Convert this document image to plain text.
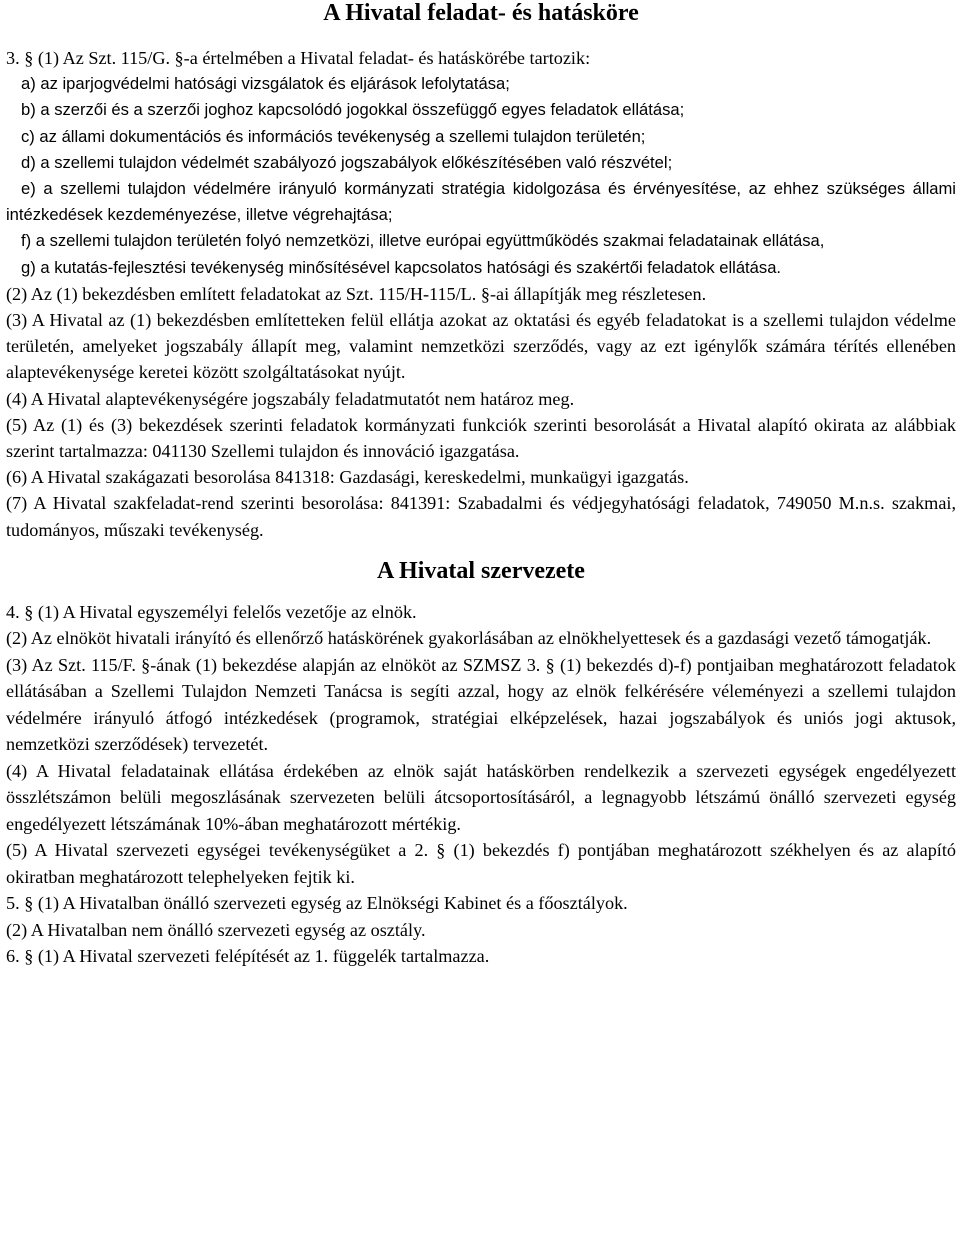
A Hivatal feladat- és hatásköre

3. § (1) Az Szt. 115/G. §-a értelmében a Hivatal feladat- és hatáskörébe tartozik:

a) az iparjogvédelmi hatósági vizsgálatok és eljárások lefolytatása;

b) a szerzői és a szerzői joghoz kapcsolódó jogokkal összefüggő egyes feladatok ellátása;

c) az állami dokumentációs és információs tevékenység a szellemi tulajdon területén;

d) a szellemi tulajdon védelmét szabályozó jogszabályok előkészítésében való részvétel;

e) a szellemi tulajdon védelmére irányuló kormányzati stratégia kidolgozása és érvényesítése, az ehhez szükséges állami intézkedések kezdeményezése, illetve végrehajtása;

f) a szellemi tulajdon területén folyó nemzetközi, illetve európai együttműködés szakmai feladatainak ellátása,

g) a kutatás-fejlesztési tevékenység minősítésével kapcsolatos hatósági és szakértői feladatok ellátása.

(2) Az (1) bekezdésben említett feladatokat az Szt. 115/H-115/L. §-ai állapítják meg részletesen.

(3) A Hivatal az (1) bekezdésben említetteken felül ellátja azokat az oktatási és egyéb feladatokat is a szellemi tulajdon védelme területén, amelyeket jogszabály állapít meg, valamint nemzetközi szerződés, vagy az ezt igénylők számára térítés ellenében alaptevékenysége keretei között szolgáltatásokat nyújt.

(4) A Hivatal alaptevékenységére jogszabály feladatmutatót nem határoz meg.

(5) Az (1) és (3) bekezdések szerinti feladatok kormányzati funkciók szerinti besorolását a Hivatal alapító okirata az alábbiak szerint tartalmazza: 041130 Szellemi tulajdon és innováció igazgatása.

(6) A Hivatal szakágazati besorolása 841318: Gazdasági, kereskedelmi, munkaügyi igazgatás.

(7) A Hivatal szakfeladat-rend szerinti besorolása: 841391: Szabadalmi és védjegyhatósági feladatok, 749050 M.n.s. szakmai, tudományos, műszaki tevékenység.

A Hivatal szervezete

4. § (1) A Hivatal egyszemélyi felelős vezetője az elnök.

(2) Az elnököt hivatali irányító és ellenőrző hatáskörének gyakorlásában az elnökhelyettesek és a gazdasági vezető támogatják.

(3) Az Szt. 115/F. §-ának (1) bekezdése alapján az elnököt az SZMSZ 3. § (1) bekezdés d)-f) pontjaiban meghatározott feladatok ellátásában a Szellemi Tulajdon Nemzeti Tanácsa is segíti azzal, hogy az elnök felkérésére véleményezi a szellemi tulajdon védelmére irányuló átfogó intézkedések (programok, stratégiai elképzelések, hazai jogszabályok és uniós jogi aktusok, nemzetközi szerződések) tervezetét.

(4) A Hivatal feladatainak ellátása érdekében az elnök saját hatáskörben rendelkezik a szervezeti egységek engedélyezett összlétszámon belüli megoszlásának szervezeten belüli átcsoportosításáról, a legnagyobb létszámú önálló szervezeti egység engedélyezett létszámának 10%-ában meghatározott mértékig.

(5) A Hivatal szervezeti egységei tevékenységüket a 2. § (1) bekezdés f) pontjában meghatározott székhelyen és az alapító okiratban meghatározott telephelyeken fejtik ki.

5. § (1) A Hivatalban önálló szervezeti egység az Elnökségi Kabinet és a főosztályok.

(2) A Hivatalban nem önálló szervezeti egység az osztály.

6. § (1) A Hivatal szervezeti felépítését az 1. függelék tartalmazza.
